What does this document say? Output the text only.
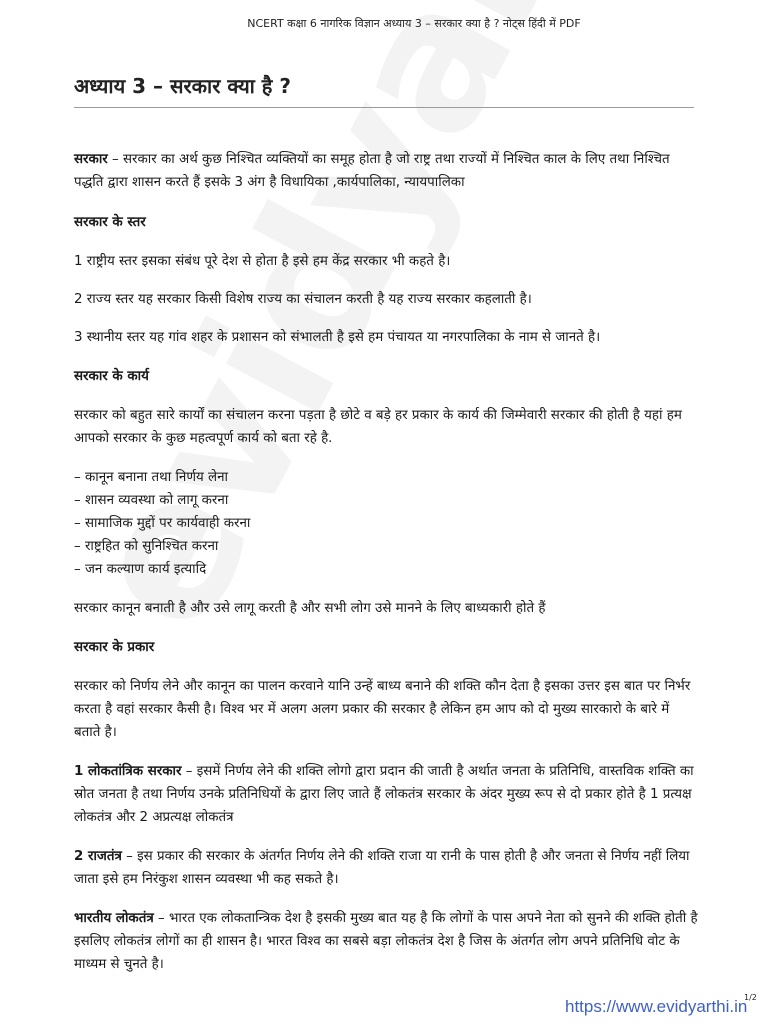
NCERT कक्षा 6 नागरिक विज्ञान अध्याय 3 – सरकार क्या है ? नोट्स हिंदी में PDF
अध्याय 3 – सरकार क्या है ?

सरकार – सरकार का अर्थ कुछ निश्चित व्यक्तियों का समूह होता है जो राष्ट्र तथा राज्यों में निश्चित काल के लिए तथा निश्चित पद्धति द्वारा शासन करते हैं इसके 3 अंग है विधायिका ,कार्यपालिका, न्यायपालिका

सरकार के स्तर

1 राष्ट्रीय स्तर इसका संबंध पूरे देश से होता है इसे हम केंद्र सरकार भी कहते है।

2 राज्य स्तर यह सरकार किसी विशेष राज्य का संचालन करती है यह राज्य सरकार कहलाती है।

3 स्थानीय स्तर यह गांव शहर के प्रशासन को संभालती है इसे हम पंचायत या नगरपालिका के नाम से जानते है।

सरकार के कार्य

सरकार को बहुत सारे कार्यों का संचालन करना पड़ता है छोटे व बड़े हर प्रकार के कार्य की जिम्मेवारी सरकार की होती है यहां हम आपको सरकार के कुछ महत्वपूर्ण कार्य को बता रहे है.

– कानून बनाना तथा निर्णय लेना
– शासन व्यवस्था को लागू करना
– सामाजिक मुद्दों पर कार्यवाही करना
– राष्ट्रहित को सुनिश्चित करना
– जन कल्याण कार्य इत्यादि

सरकार कानून बनाती है और उसे लागू करती है और सभी लोग उसे मानने के लिए बाध्यकारी होते हैं

सरकार के प्रकार

सरकार को निर्णय लेने और कानून का पालन करवाने यानि उन्हें बाध्य बनाने की शक्ति कौन देता है इसका उत्तर इस बात पर निर्भर करता है वहां सरकार कैसी है। विश्व भर में अलग अलग प्रकार की सरकार है लेकिन हम आप को दो मुख्य सारकारो के बारे में बताते है।

1 लोकतांत्रिक सरकार – इसमें निर्णय लेने की शक्ति लोगो द्वारा प्रदान की जाती है अर्थात जनता के प्रतिनिधि, वास्तविक शक्ति का स्रोत जनता है तथा निर्णय उनके प्रतिनिधियों के द्वारा लिए जाते हैं लोकतंत्र सरकार के अंदर मुख्य रूप से दो प्रकार होते है 1 प्रत्यक्ष लोकतंत्र और 2 अप्रत्यक्ष लोकतंत्र

2 राजतंत्र – इस प्रकार की सरकार के अंतर्गत निर्णय लेने की शक्ति राजा या रानी के पास होती है और जनता से निर्णय नहीं लिया जाता इसे हम निरंकुश शासन व्यवस्था भी कह सकते है।

भारतीय लोकतंत्र – भारत एक लोकतान्त्रिक देश है इसकी मुख्य बात यह है कि लोगों के पास अपने नेता को सुनने की शक्ति होती है इसलिए लोकतंत्र लोगों का ही शासन है। भारत विश्व का सबसे बड़ा लोकतंत्र देश है जिस के अंतर्गत लोग अपने प्रतिनिधि वोट के माध्यम से चुनते है।

1/2
https://www.evidyarthi.in
